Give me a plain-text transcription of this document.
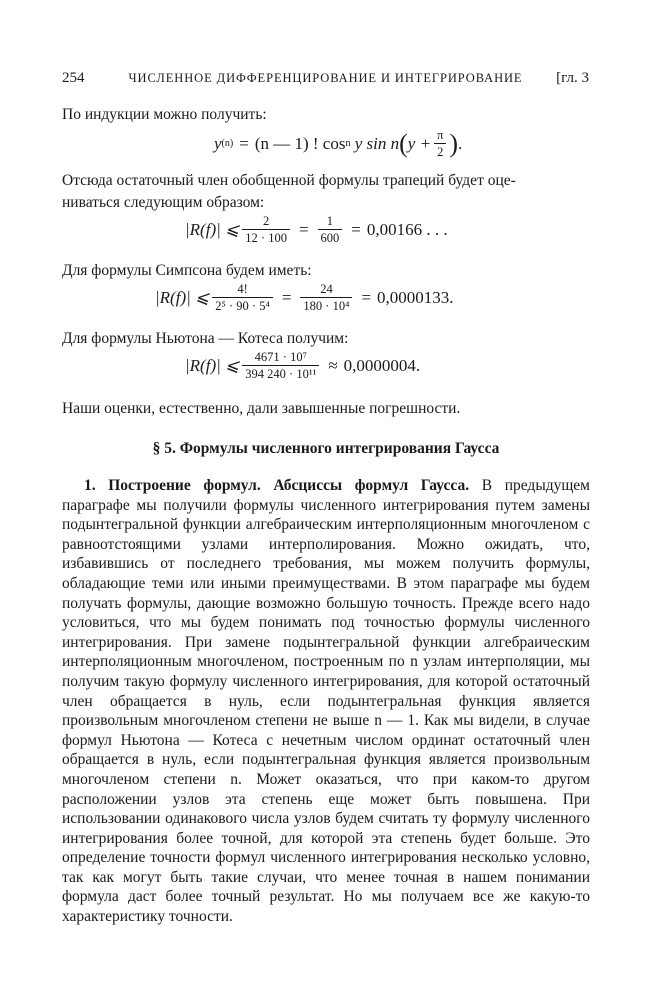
254	ЧИСЛЕННОЕ ДИФФЕРЕНЦИРОВАНИЕ И ИНТЕГРИРОВАНИЕ	[гл. 3
По индукции можно получить:
y (n) = (n — 1) ! cos n
y sin n ( $y + \frac{\pi}{2}$ ) .
Отсюда остаточный член обобщенной формулы трапеций будет оце-
ниваться следующим образом:
|R(f)| ⩽ $\frac{2}{12 \cdot 100} = \frac{1}{600} = 0,00166$ . . .
Для формулы Симпсона будем иметь:
|R(f)| ⩽ $\frac{4!}{\text{2⁵ · 90 · 5⁴}} = \frac{24}{\text{180 · 10⁴}} = 0,0000133$.
Для формулы Ньютона — Котеса получим:
|R(f)| ⩽ $\frac{\text{4671 · 10⁷}}{\text{394 240 · 10¹¹}} \approx 0,0000004$.
Наши оценки, естественно, дали завышенные погрешности.
§ 5. Формулы численного интегрирования Гаусса
1. Построение формул. Абсциссы формул Гаусса. В предыдущем параграфе мы получили формулы численного интегрирования путем замены подынтегральной функции алгебраическим интерполяционным многочленом с равноотстоящими узлами интерполирования. Можно ожидать, что, избавившись от последнего требования, мы можем получить формулы, обладающие теми или иными преимуществами. В этом параграфе мы будем получать формулы, дающие возможно большую точность. Прежде всего надо условиться, что мы будем понимать под точностью формулы численного интегрирования. При замене подынтегральной функции алгебраическим интерполяционным многочленом, построенным по n узлам интерполяции, мы получим такую формулу численного интегрирования, для которой остаточный член обращается в нуль, если подынтегральная функция является произвольным многочленом степени не выше n — 1. Как мы видели, в случае формул Ньютона — Котеса с нечетным числом ординат остаточный член обращается в нуль, если подынтегральная функция является произвольным многочленом степени n. Может оказаться, что при каком-то другом расположении узлов эта степень еще может быть повышена. При использовании одинакового числа узлов будем считать ту формулу численного интегрирования более точной, для которой эта степень будет больше. Это определение точности формул численного интегрирования несколько условно, так как могут быть такие случаи, что менее точная в нашем понимании формула даст более точный результат. Но мы получаем все же какую-то характеристику точности.
